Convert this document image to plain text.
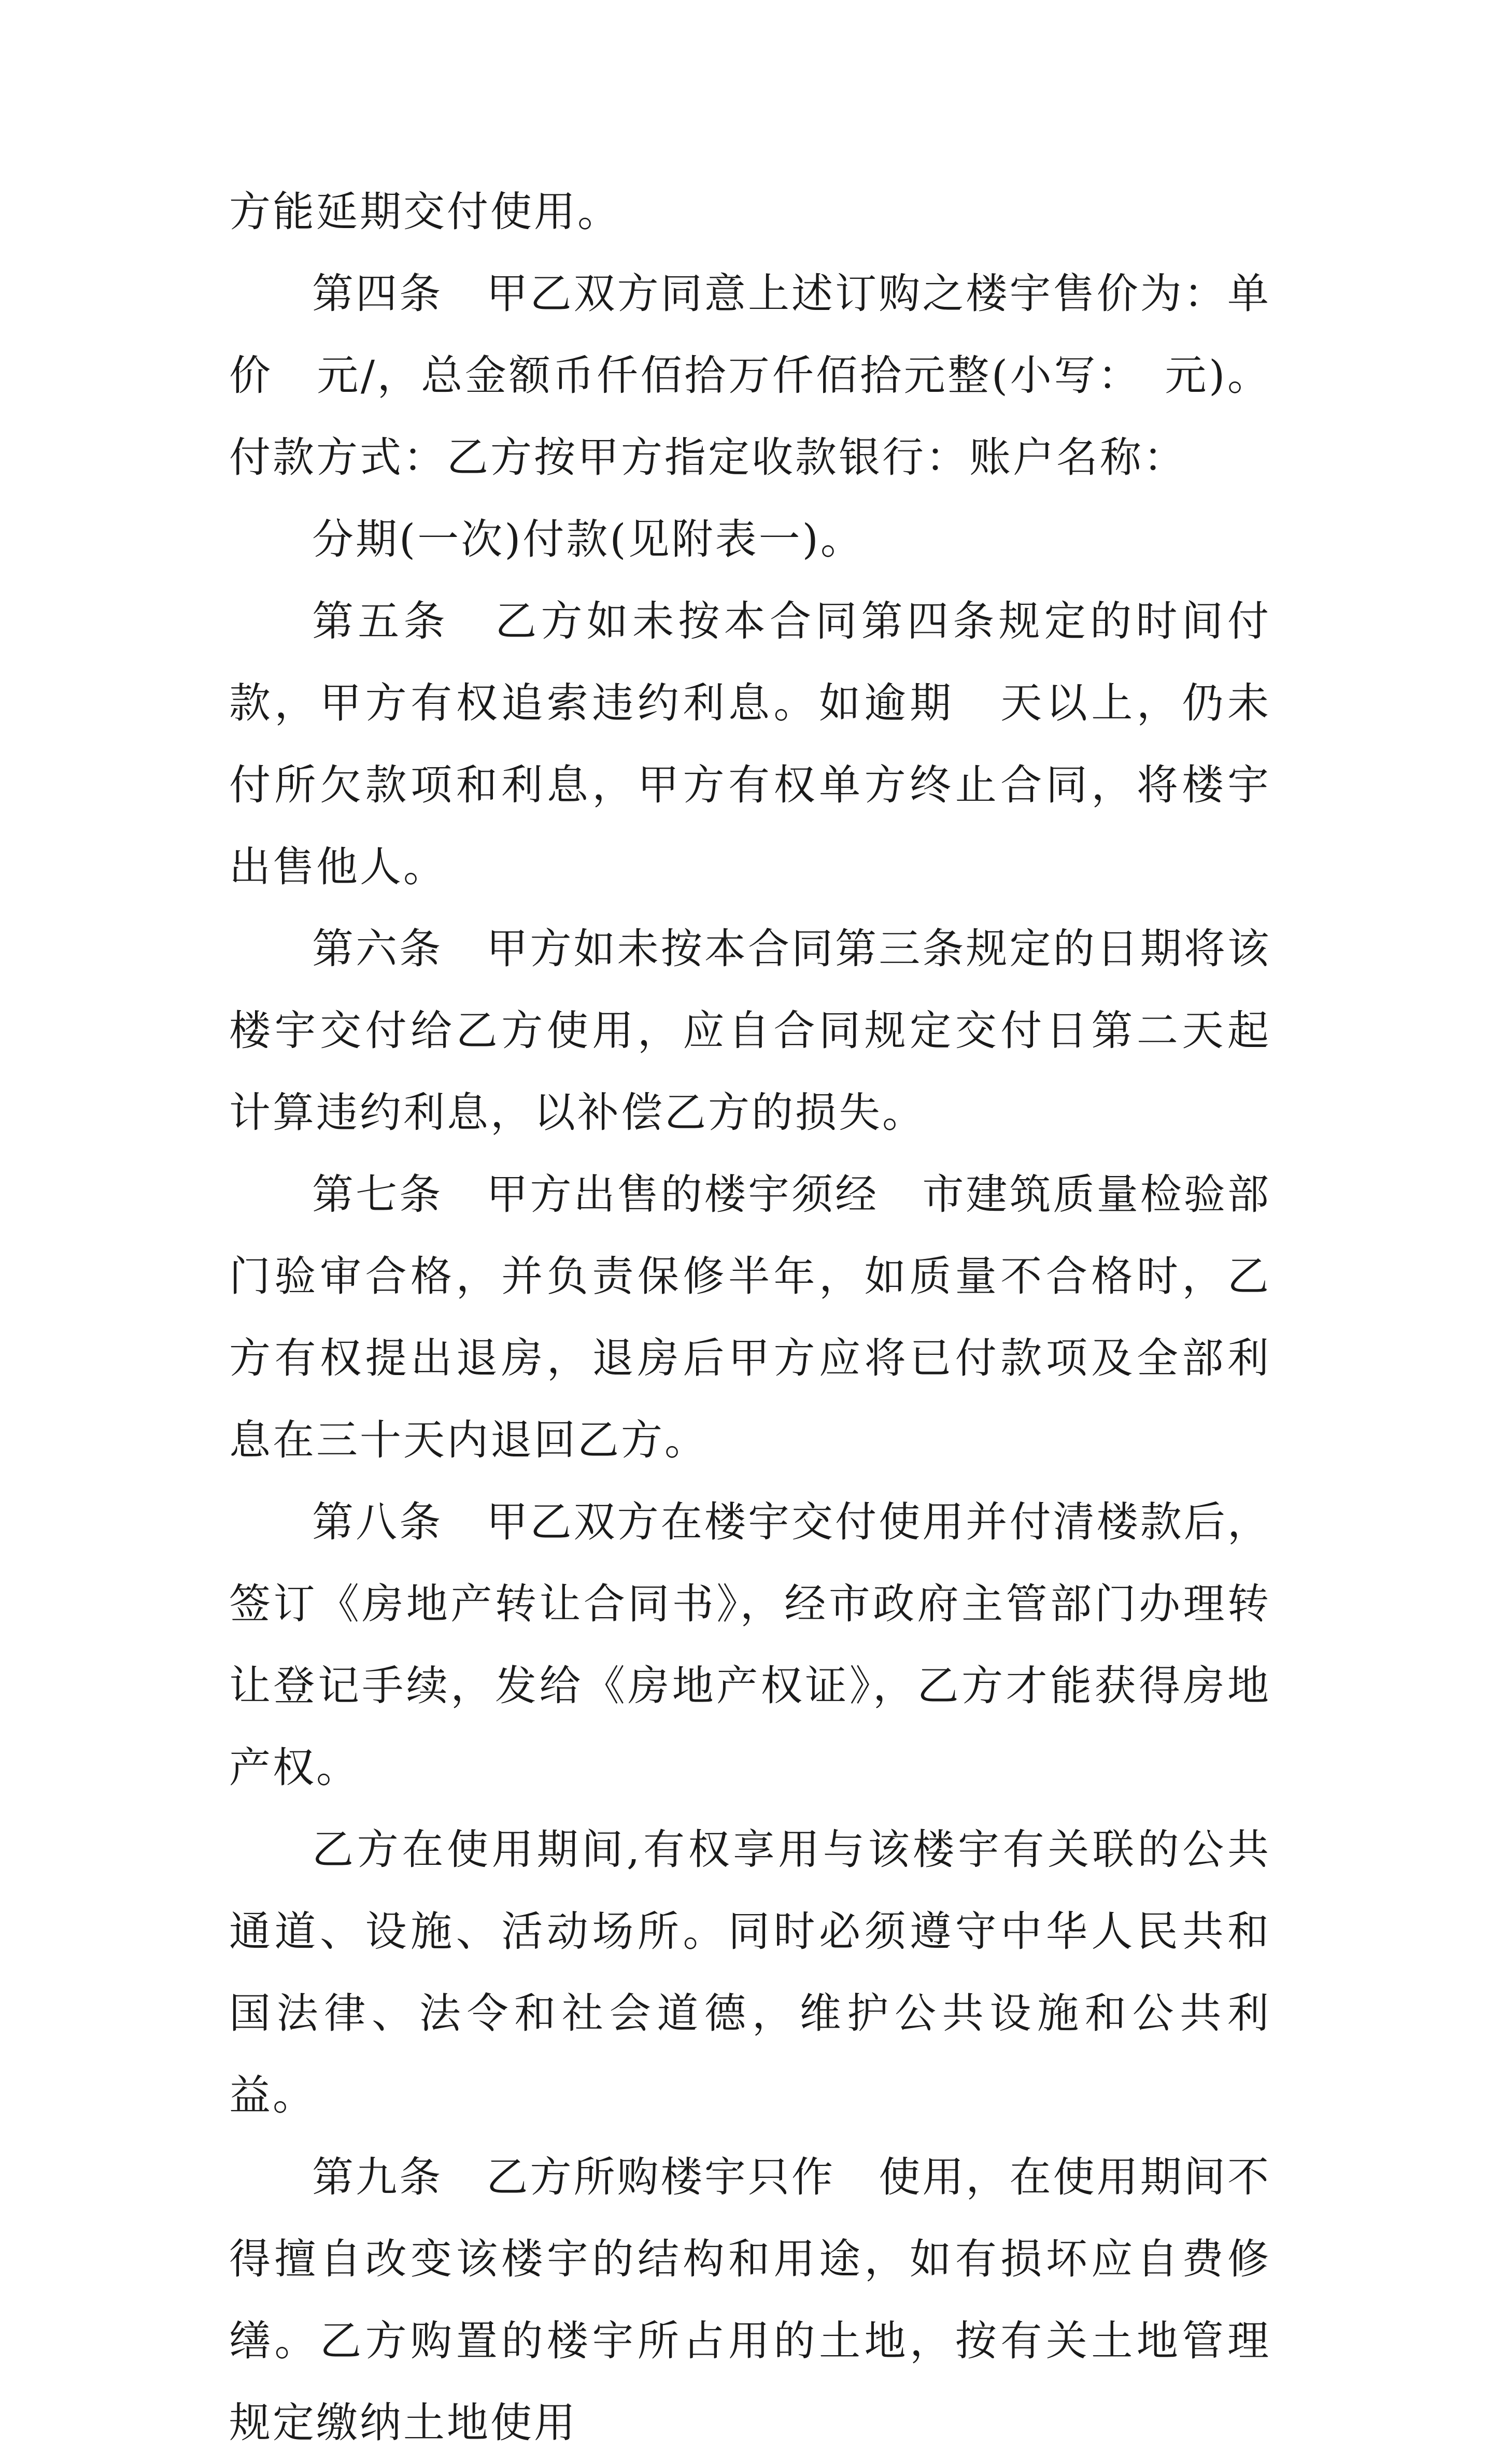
方能延期交付使用。

第四条　甲乙双方同意上述订购之楼宇售价为：单价　元/，总金额币仟佰拾万仟佰拾元整(小写：　元)。付款方式：乙方按甲方指定收款银行：账户名称：

分期(一次)付款(见附表一)。

第五条　乙方如未按本合同第四条规定的时间付款，甲方有权追索违约利息。如逾期　天以上，仍未付所欠款项和利息，甲方有权单方终止合同，将楼宇出售他人。

第六条　甲方如未按本合同第三条规定的日期将该楼宇交付给乙方使用，应自合同规定交付日第二天起计算违约利息，以补偿乙方的损失。

第七条　甲方出售的楼宇须经　市建筑质量检验部门验审合格，并负责保修半年，如质量不合格时，乙方有权提出退房，退房后甲方应将已付款项及全部利息在三十天内退回乙方。

第八条　甲乙双方在楼宇交付使用并付清楼款后，签订《房地产转让合同书》，经市政府主管部门办理转让登记手续，发给《房地产权证》，乙方才能获得房地产权。

乙方在使用期间,有权享用与该楼宇有关联的公共通道、设施、活动场所。同时必须遵守中华人民共和国法律、法令和社会道德，维护公共设施和公共利益。

第九条　乙方所购楼宇只作　使用，在使用期间不得擅自改变该楼宇的结构和用途，如有损坏应自费修缮。乙方购置的楼宇所占用的土地，按有关土地管理规定缴纳土地使用
